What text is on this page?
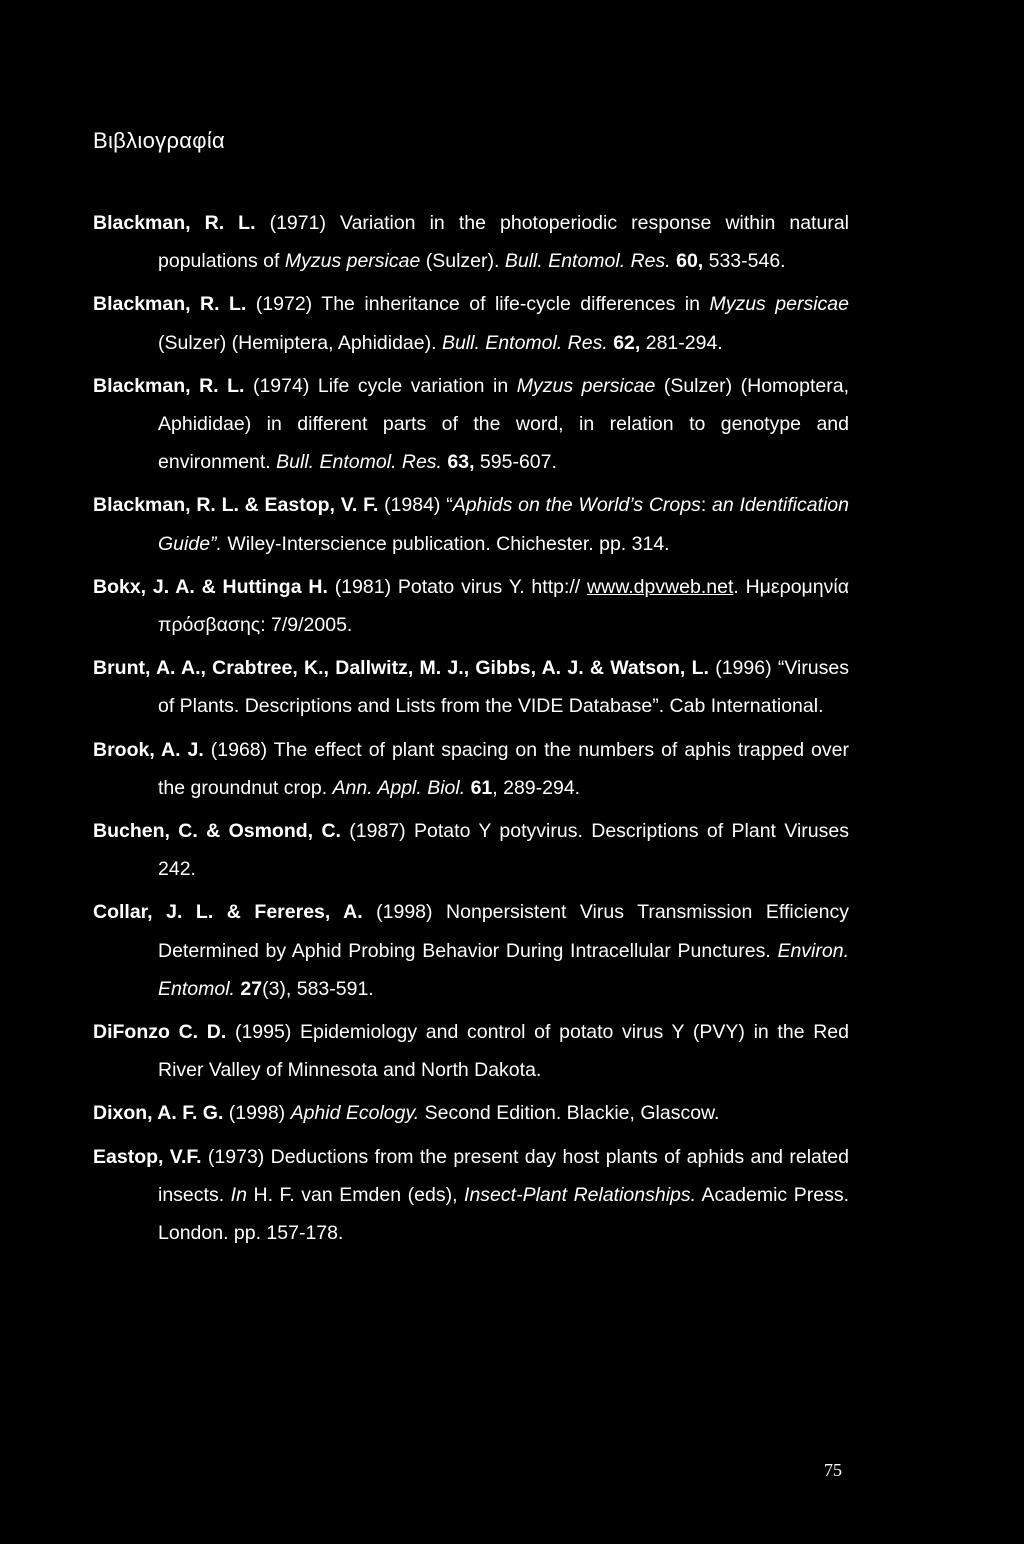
Βιβλιογραφία

Blackman, R. L. (1971) Variation in the photoperiodic response within natural populations of Myzus persicae (Sulzer). Bull. Entomol. Res. 60, 533-546.

Blackman, R. L. (1972) The inheritance of life-cycle differences in Myzus persicae (Sulzer) (Hemiptera, Aphididae). Bull. Entomol. Res. 62, 281-294.

Blackman, R. L. (1974) Life cycle variation in Myzus persicae (Sulzer) (Homoptera, Aphididae) in different parts of the word, in relation to genotype and environment. Bull. Entomol. Res. 63, 595-607.

Blackman, R. L. & Eastop, V. F. (1984) “Aphids on the World’s Crops: an Identification Guide”. Wiley-Interscience publication. Chichester. pp. 314.

Bokx, J. A. & Huttinga H. (1981) Potato virus Y. http:// www.dpvweb.net. Ημερομηνία πρόσβασης: 7/9/2005.

Brunt, A. A., Crabtree, K., Dallwitz, M. J., Gibbs, A. J. & Watson, L. (1996) “Viruses of Plants. Descriptions and Lists from the VIDE Database”. Cab International.

Brook, A. J. (1968) The effect of plant spacing on the numbers of aphis trapped over the groundnut crop. Ann. Appl. Biol. 61, 289-294.

Buchen, C. & Osmond, C. (1987) Potato Y potyvirus. Descriptions of Plant Viruses 242.

Collar, J. L. & Fereres, A. (1998) Nonpersistent Virus Transmission Efficiency Determined by Aphid Probing Behavior During Intracellular Punctures. Environ. Entomol. 27(3), 583-591.

DiFonzo C. D. (1995) Epidemiology and control of potato virus Y (PVY) in the Red River Valley of Minnesota and North Dakota.

Dixon, A. F. G. (1998) Aphid Ecology. Second Edition. Blackie, Glascow.

Eastop, V.F. (1973) Deductions from the present day host plants of aphids and related insects. In H. F. van Emden (eds), Insect-Plant Relationships. Academic Press. London. pp. 157-178.

75
